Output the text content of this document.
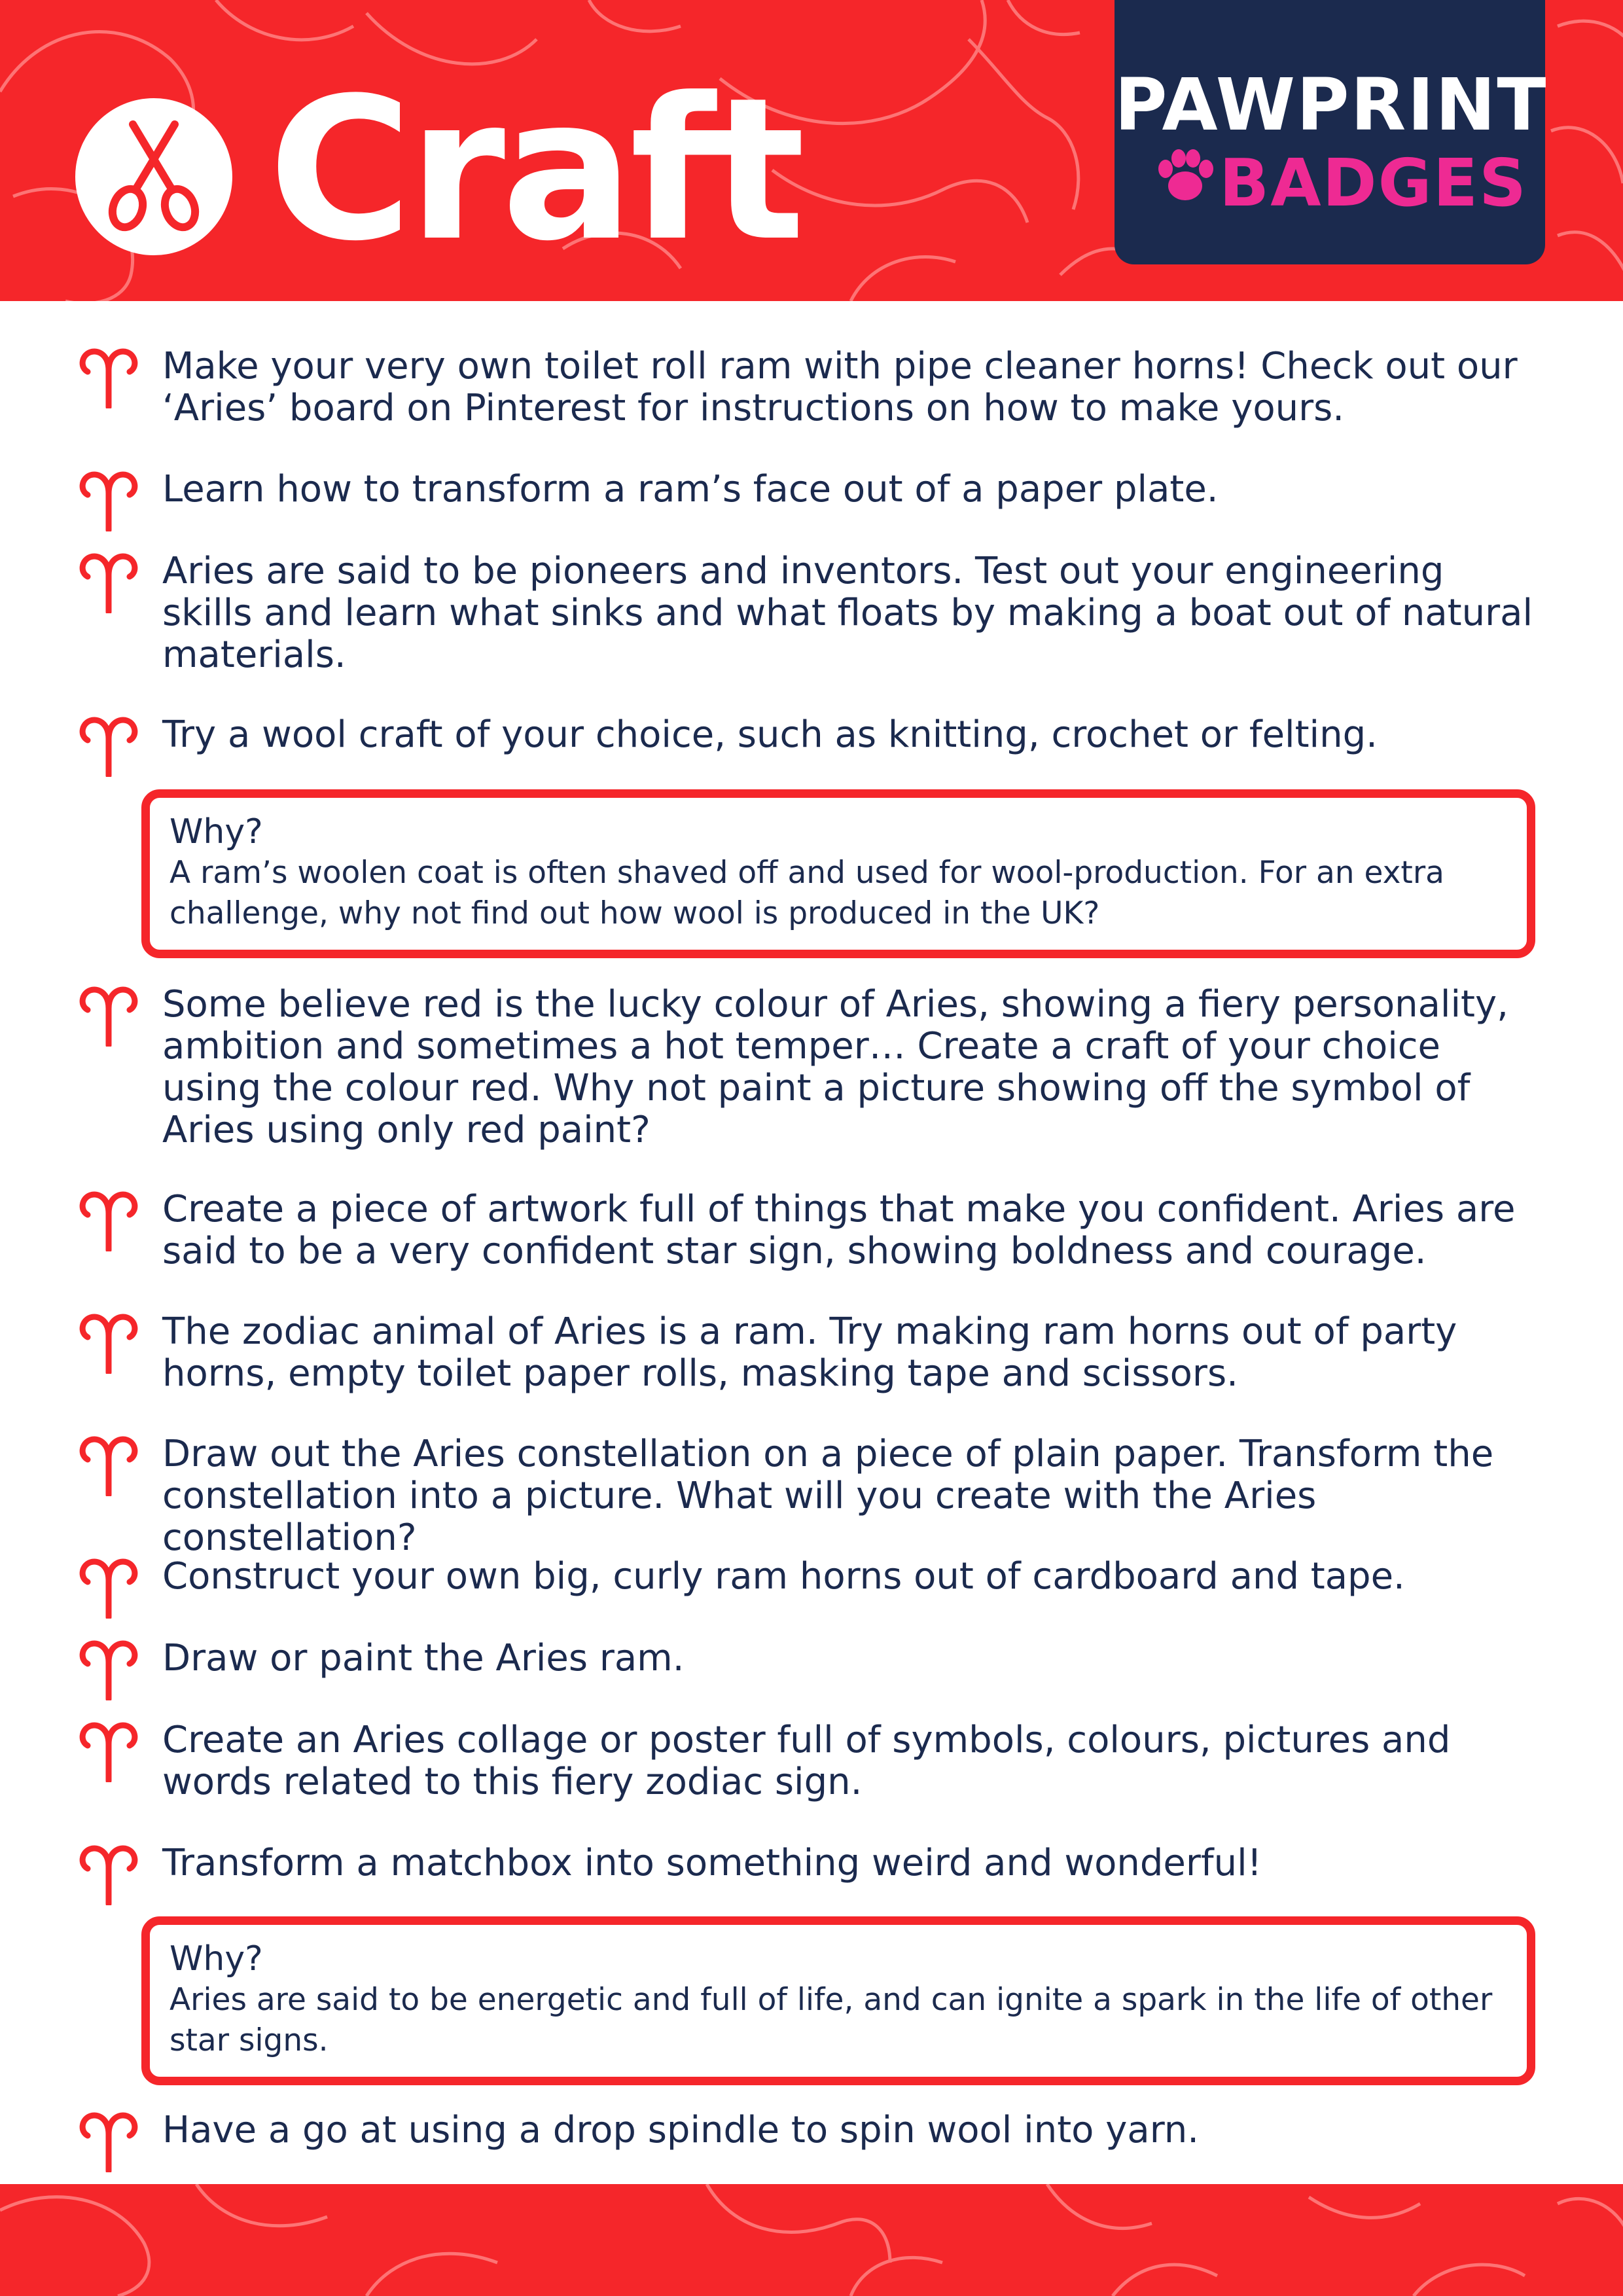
Craft	PAWPRINT
BADGES

Make your very own toilet roll ram with pipe cleaner horns! Check out our ‘Aries’ board on Pinterest for instructions on how to make yours.

Learn how to transform a ram’s face out of a paper plate.

Aries are said to be pioneers and inventors. Test out your engineering skills and learn what sinks and what floats by making a boat out of natural materials.

Try a wool craft of your choice, such as knitting, crochet or felting.

Why?

A ram’s woolen coat is often shaved off and used for wool-production. For an extra challenge, why not find out how wool is produced in the UK?

Some believe red is the lucky colour of Aries, showing a fiery personality, ambition and sometimes a hot temper… Create a craft of your choice using the colour red. Why not paint a picture showing off the symbol of Aries using only red paint?

Create a piece of artwork full of things that make you confident. Aries are said to be a very confident star sign, showing boldness and courage.

The zodiac animal of Aries is a ram. Try making ram horns out of party horns, empty toilet paper rolls, masking tape and scissors.

Draw out the Aries constellation on a piece of plain paper. Transform the constellation into a picture. What will you create with the Aries constellation?

Construct your own big, curly ram horns out of cardboard and tape.

Draw or paint the Aries ram.

Create an Aries collage or poster full of symbols, colours, pictures and words related to this fiery zodiac sign.

Transform a matchbox into something weird and wonderful!

Why?

Aries are said to be energetic and full of life, and can ignite a spark in the life of other star signs.

Have a go at using a drop spindle to spin wool into yarn.
